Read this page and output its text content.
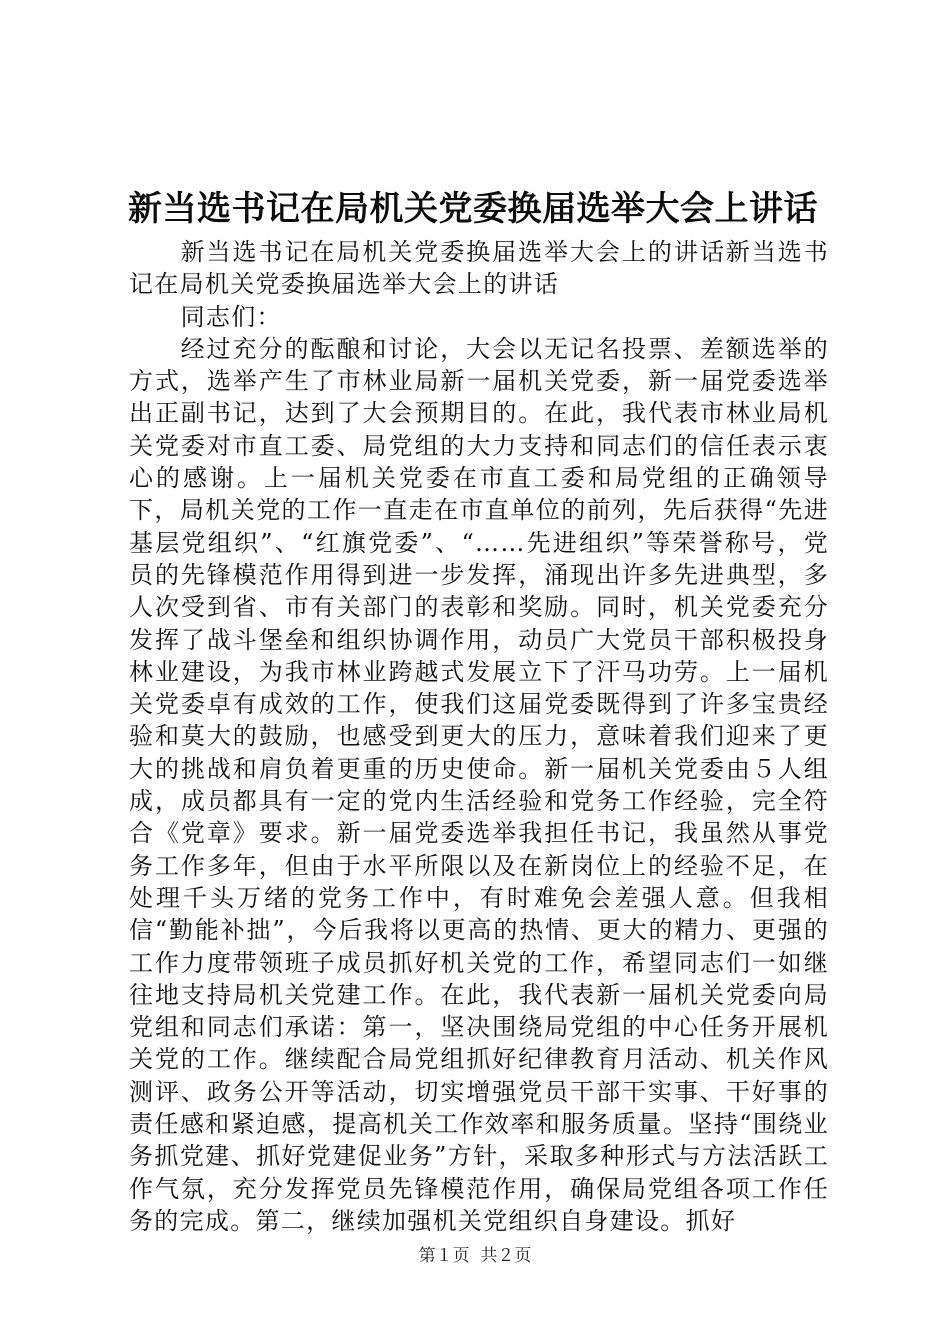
新当选书记在局机关党委换届选举大会上讲话

新当选书记在局机关党委换届选举大会上的讲话新当选书记在局机关党委换届选举大会上的讲话

同志们：

经过充分的酝酿和讨论，大会以无记名投票、差额选举的方式，选举产生了市林业局新一届机关党委，新一届党委选举出正副书记，达到了大会预期目的。在此，我代表市林业局机关党委对市直工委、局党组的大力支持和同志们的信任表示衷心的感谢。上一届机关党委在市直工委和局党组的正确领导下，局机关党的工作一直走在市直单位的前列，先后获得“先进基层党组织”、“红旗党委”、“……先进组织”等荣誉称号，党员的先锋模范作用得到进一步发挥，涌现出许多先进典型，多人次受到省、市有关部门的表彰和奖励。同时，机关党委充分发挥了战斗堡垒和组织协调作用，动员广大党员干部积极投身林业建设，为我市林业跨越式发展立下了汗马功劳。上一届机关党委卓有成效的工作，使我们这届党委既得到了许多宝贵经验和莫大的鼓励，也感受到更大的压力，意味着我们迎来了更大的挑战和肩负着更重的历史使命。新一届机关党委由５人组成，成员都具有一定的党内生活经验和党务工作经验，完全符合《党章》要求。新一届党委选举我担任书记，我虽然从事党务工作多年，但由于水平所限以及在新岗位上的经验不足，在处理千头万绪的党务工作中，有时难免会差强人意。但我相信“勤能补拙”，今后我将以更高的热情、更大的精力、更强的工作力度带领班子成员抓好机关党的工作，希望同志们一如继往地支持局机关党建工作。在此，我代表新一届机关党委向局党组和同志们承诺：第一，坚决围绕局党组的中心任务开展机关党的工作。继续配合局党组抓好纪律教育月活动、机关作风测评、政务公开等活动，切实增强党员干部干实事、干好事的责任感和紧迫感，提高机关工作效率和服务质量。坚持“围绕业务抓党建、抓好党建促业务”方针，采取多种形式与方法活跃工作气氛，充分发挥党员先锋模范作用，确保局党组各项工作任务的完成。第二，继续加强机关党组织自身建设。抓好

第１页  共２页
